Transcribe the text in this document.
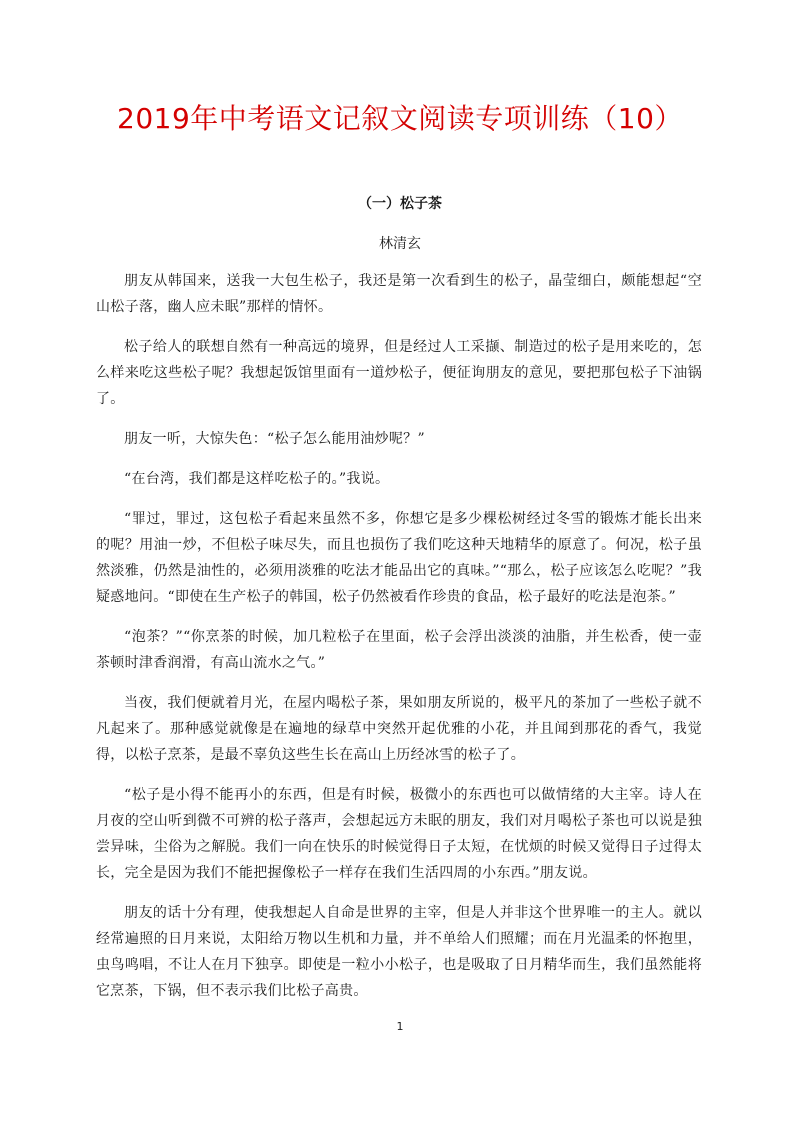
2019年中考语文记叙文阅读专项训练（10）
（一）松子茶
林清玄

朋友从韩国来，送我一大包生松子，我还是第一次看到生的松子，晶莹细白，颇能想起“空山松子落，幽人应未眠”那样的情怀。

松子给人的联想自然有一种高远的境界，但是经过人工采撷、制造过的松子是用来吃的，怎么样来吃这些松子呢？我想起饭馆里面有一道炒松子，便征询朋友的意见，要把那包松子下油锅了。

朋友一听，大惊失色：“松子怎么能用油炒呢？”

“在台湾，我们都是这样吃松子的。”我说。

“罪过，罪过，这包松子看起来虽然不多，你想它是多少棵松树经过冬雪的锻炼才能长出来的呢？用油一炒，不但松子味尽失，而且也损伤了我们吃这种天地精华的原意了。何况，松子虽然淡雅，仍然是油性的，必须用淡雅的吃法才能品出它的真味。”“那么，松子应该怎么吃呢？”我疑惑地问。“即使在生产松子的韩国，松子仍然被看作珍贵的食品，松子最好的吃法是泡茶。”

“泡茶？”“你烹茶的时候，加几粒松子在里面，松子会浮出淡淡的油脂，并生松香，使一壶茶顿时津香润滑，有高山流水之气。”

当夜，我们便就着月光，在屋内喝松子茶，果如朋友所说的，极平凡的茶加了一些松子就不凡起来了。那种感觉就像是在遍地的绿草中突然开起优雅的小花，并且闻到那花的香气，我觉得，以松子烹茶，是最不辜负这些生长在高山上历经冰雪的松子了。

“松子是小得不能再小的东西，但是有时候，极微小的东西也可以做情绪的大主宰。诗人在月夜的空山听到微不可辨的松子落声，会想起远方未眠的朋友，我们对月喝松子茶也可以说是独尝异味，尘俗为之解脱。我们一向在快乐的时候觉得日子太短，在忧烦的时候又觉得日子过得太长，完全是因为我们不能把握像松子一样存在我们生活四周的小东西。”朋友说。

朋友的话十分有理，使我想起人自命是世界的主宰，但是人并非这个世界唯一的主人。就以经常遍照的日月来说，太阳给万物以生机和力量，并不单给人们照耀；而在月光温柔的怀抱里，虫鸟鸣唱，不让人在月下独享。即使是一粒小小松子，也是吸取了日月精华而生，我们虽然能将它烹茶，下锅，但不表示我们比松子高贵。

1
